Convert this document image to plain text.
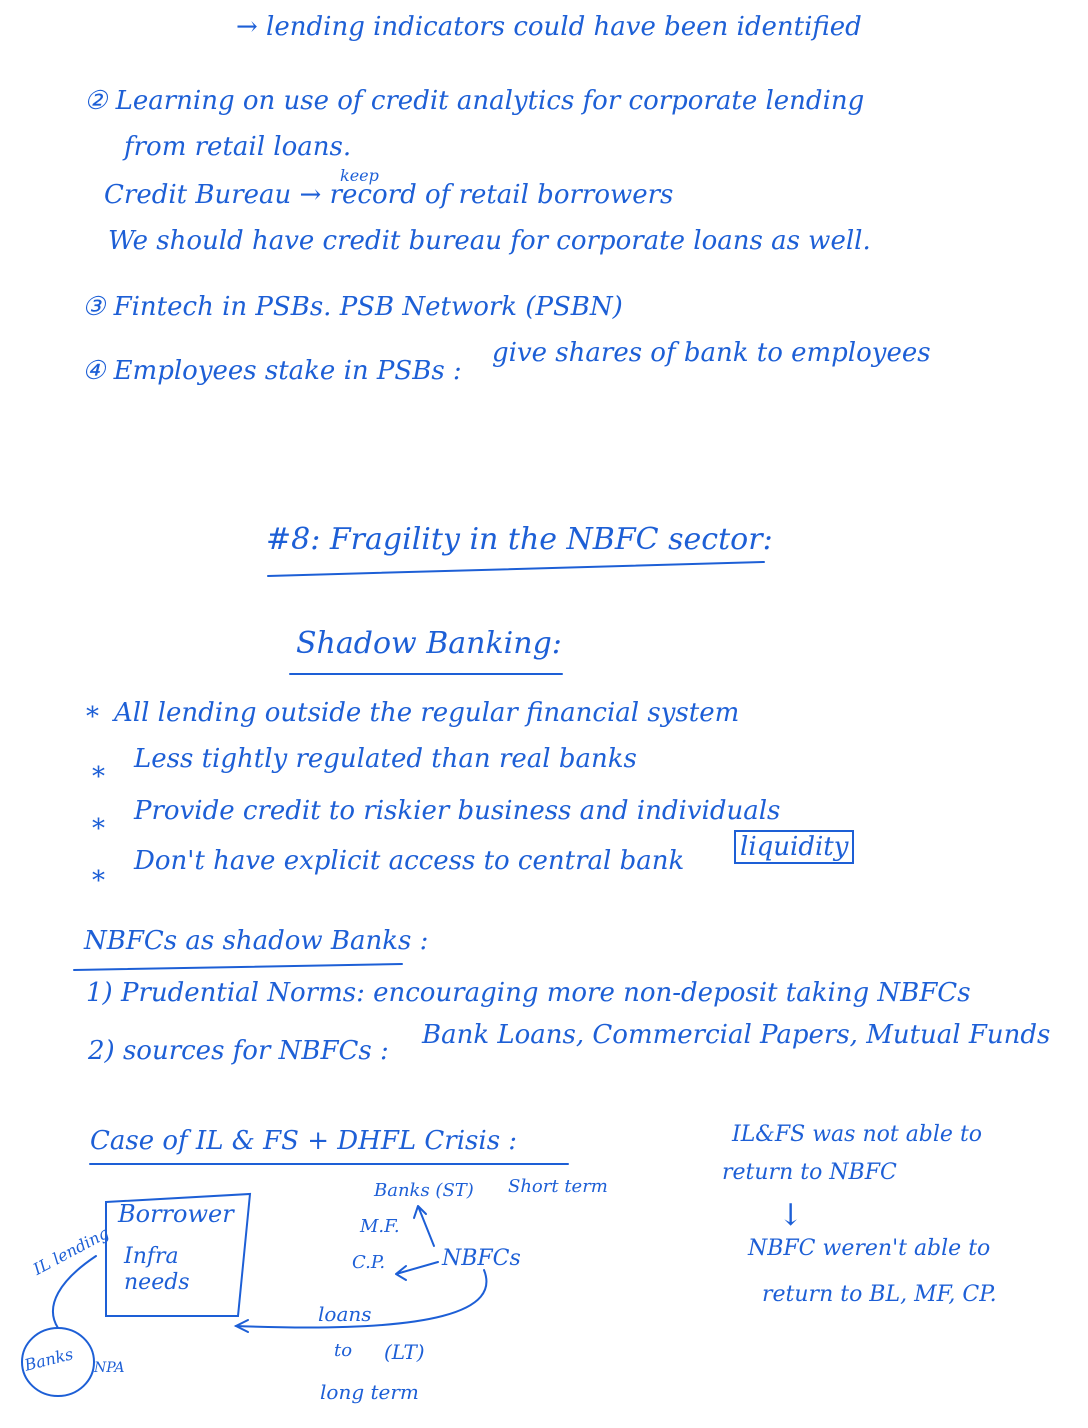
→ lending indicators could have been identified
② Learning on use of credit analytics for corporate lending
from retail loans.
keep
Credit Bureau → record of retail borrowers
We should have credit bureau for corporate loans as well.
③ Fintech in PSBs. PSB Network (PSBN)
④ Employees stake in PSBs :
give shares of bank to employees
#8: Fragility in the NBFC sector:
Shadow Banking:
* All lending outside the regular financial system
*
Less tightly regulated than real banks
*
Provide credit to riskier business and individuals
*
Don't have explicit access to central bank liquidity
NBFCs as shadow Banks :
1) Prudential Norms: encouraging more non-deposit taking NBFCs
2) sources for NBFCs :
Bank Loans, Commercial Papers, Mutual Funds
Case of IL & FS + DHFL Crisis :	IL&FS was not able to
return to NBFC
↓
NBFC weren't able to
return to BL, MF, CP.
Borrower
Infra
needs
IL lending
Banks NPA
Banks (ST) Short term
M.F.
C.P.	NBFCs
loans
to (LT)
long term
